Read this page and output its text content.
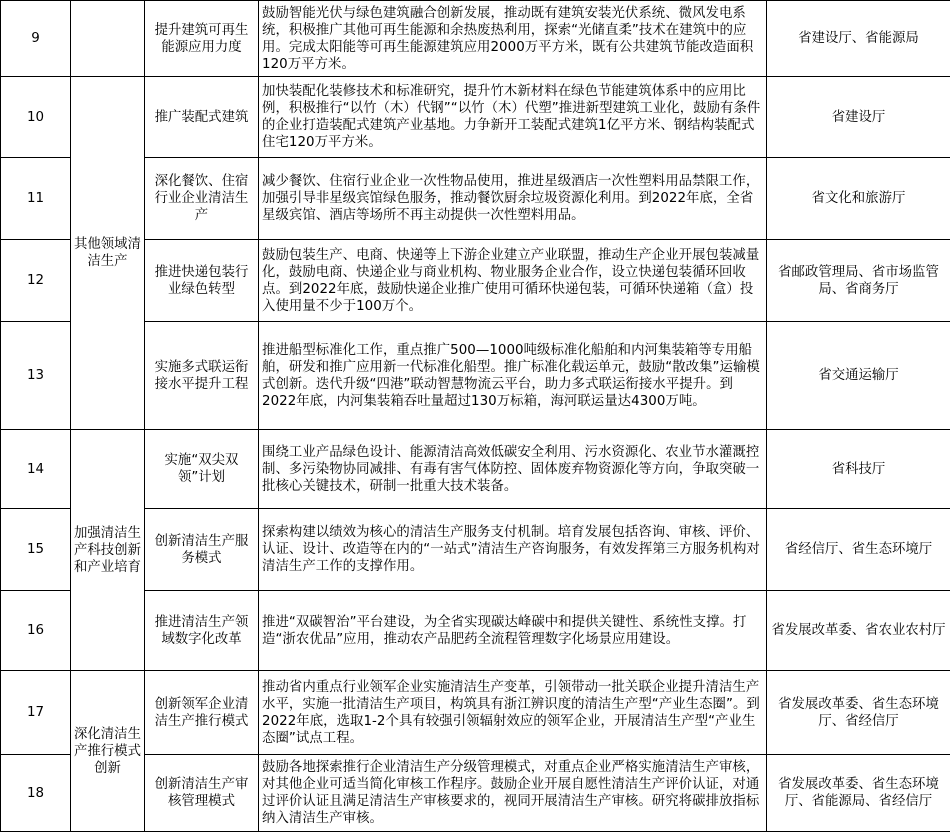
9		提升建筑可再生能源应用力度	鼓励智能光伏与绿色建筑融合创新发展，推动既有建筑安装光伏系统、微风发电系统，积极推广其他可再生能源和余热废热利用，探索“光储直柔”技术在建筑中的应用。完成太阳能等可再生能源建筑应用2000万平方米，既有公共建筑节能改造面积120万平方米。	省建设厅、省能源局
10	其他领域清洁生产	推广装配式建筑	加快装配化装修技术和标准研究，提升竹木新材料在绿色节能建筑体系中的应用比例，积极推行“以竹（木）代钢”“以竹（木）代塑”推进新型建筑工业化，鼓励有条件的企业打造装配式建筑产业基地。力争新开工装配式建筑1亿平方米、钢结构装配式住宅120万平方米。	省建设厅
11		深化餐饮、住宿行业企业清洁生产	减少餐饮、住宿行业企业一次性物品使用，推进星级酒店一次性塑料用品禁限工作，加强引导非星级宾馆绿色服务，推动餐饮厨余垃圾资源化利用。到2022年底，全省星级宾馆、酒店等场所不再主动提供一次性塑料用品。	省文化和旅游厅
12		推进快递包装行业绿色转型	鼓励包装生产、电商、快递等上下游企业建立产业联盟，推动生产企业开展包装减量化，鼓励电商、快递企业与商业机构、物业服务企业合作，设立快递包装循环回收点。到2022年底，鼓励快递企业推广使用可循环快递包装，可循环快递箱（盒）投入使用量不少于100万个。	省邮政管理局、省市场监管局、省商务厅
13		实施多式联运衔接水平提升工程	推进船型标准化工作，重点推广500—1000吨级标准化船舶和内河集装箱等专用船舶，研发和推广应用新一代标准化船型。推广标准化载运单元，鼓励“散改集”运输模式创新。迭代升级“四港”联动智慧物流云平台，助力多式联运衔接水平提升。到2022年底，内河集装箱吞吐量超过130万标箱，海河联运量达4300万吨。	省交通运输厅
14	加强清洁生产科技创新和产业培育	实施“双尖双领”计划	围绕工业产品绿色设计、能源清洁高效低碳安全利用、污水资源化、农业节水灌溉控制、多污染物协同减排、有毒有害气体防控、固体废弃物资源化等方向，争取突破一批核心关键技术，研制一批重大技术装备。	省科技厅
15		创新清洁生产服务模式	探索构建以绩效为核心的清洁生产服务支付机制。培育发展包括咨询、审核、评价、认证、设计、改造等在内的“一站式”清洁生产咨询服务，有效发挥第三方服务机构对清洁生产工作的支撑作用。	省经信厅、省生态环境厅
16		推进清洁生产领域数字化改革	推进“双碳智治”平台建设，为全省实现碳达峰碳中和提供关键性、系统性支撑。打造“浙农优品”应用，推动农产品肥药全流程管理数字化场景应用建设。	省发展改革委、省农业农村厅
17	深化清洁生产推行模式创新	创新领军企业清洁生产推行模式	推动省内重点行业领军企业实施清洁生产变革，引领带动一批关联企业提升清洁生产水平，实施一批清洁生产项目，构筑具有浙江辨识度的清洁生产型“产业生态圈”。到2022年底，选取1-2个具有较强引领辐射效应的领军企业，开展清洁生产型“产业生态圈”试点工程。	省发展改革委、省生态环境厅、省经信厅
18		创新清洁生产审核管理模式	鼓励各地探索推行企业清洁生产分级管理模式，对重点企业严格实施清洁生产审核，对其他企业可适当简化审核工作程序。鼓励企业开展自愿性清洁生产评价认证，对通过评价认证且满足清洁生产审核要求的，视同开展清洁生产审核。研究将碳排放指标纳入清洁生产审核。	省发展改革委、省生态环境厅、省能源局、省经信厅
